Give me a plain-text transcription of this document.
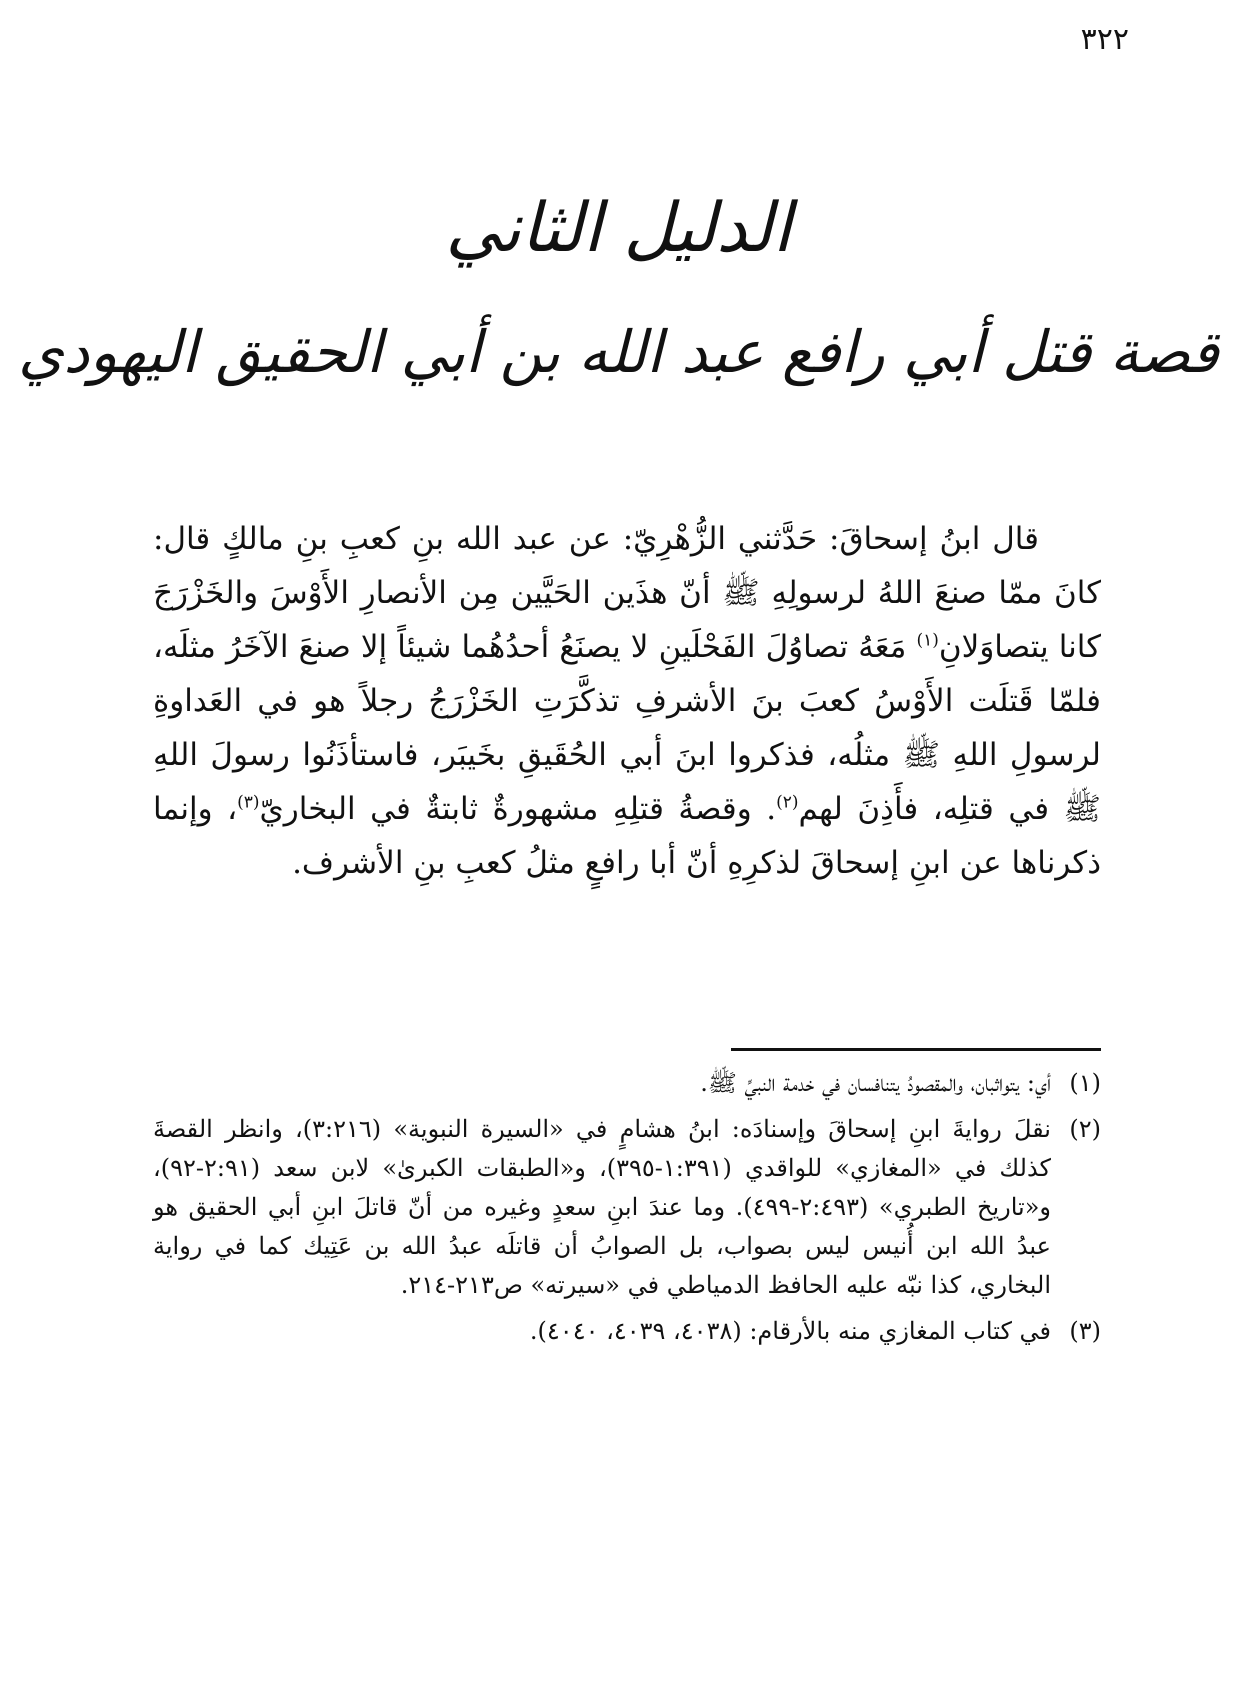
٣٢٢
الدليل الثاني
قصة قتل أبي رافع عبد الله بن أبي الحقيق اليهودي

قال ابنُ إسحاقَ: حَدَّثني الزُّهْرِيّ: عن عبد الله بنِ كعبِ بنِ مالكٍ قال: كانَ ممّا صنعَ اللهُ لرسولِهِ ﷺ أنّ هذَين الحَيَّين مِن الأنصارِ الأَوْسَ والخَزْرَجَ كانا يتصاوَلانِ$^{(١)}$ مَعَهُ تصاوُلَ الفَحْلَينِ لا يصنَعُ أحدُهُما شيئاً إلا صنعَ الآخَرُ مثلَه، فلمّا قَتلَت الأَوْسُ كعبَ بنَ الأشرفِ تذكَّرَتِ الخَزْرَجُ رجلاً هو في العَداوةِ لرسولِ اللهِ ﷺ مثلُه، فذكروا ابنَ أبي الحُقَيقِ بخَيبَر، فاستأذَنُوا رسولَ اللهِ ﷺ في قتلِه، فأَذِنَ لهم$^{(٢)}$. وقصةُ قتلِهِ مشهورةٌ ثابتةٌ في البخاريّ$^{(٣)}$، وإنما ذكرناها عن ابنِ إسحاقَ لذكرِهِ أنّ أبا رافعٍ مثلُ كعبِ بنِ الأشرف.

(١)
أي: يتواثبان، والمقصودُ يتنافسان في خدمة النبيِّ ﷺ.
(٢)
نقلَ روايةَ ابنِ إسحاقَ وإسنادَه: ابنُ هشامٍ في «السيرة النبوية» (٣:٢١٦)، وانظر القصةَ كذلك في «المغازي» للواقدي (١:٣٩١-٣٩٥)، و«الطبقات الكبرىٰ» لابن سعد (٢:٩١-٩٢)، و«تاريخ الطبري» (٢:٤٩٣-٤٩٩). وما عندَ ابنِ سعدٍ وغيره من أنّ قاتلَ ابنِ أبي الحقيق هو عبدُ الله ابن أُنيس ليس بصواب، بل الصوابُ أن قاتلَه عبدُ الله بن عَتِيك كما في رواية البخاري، كذا نبّه عليه الحافظ الدمياطي في «سيرته» ص٢١٣-٢١٤.
(٣)
في كتاب المغازي منه بالأرقام: (٤٠٣٨، ٤٠٣٩، ٤٠٤٠).
